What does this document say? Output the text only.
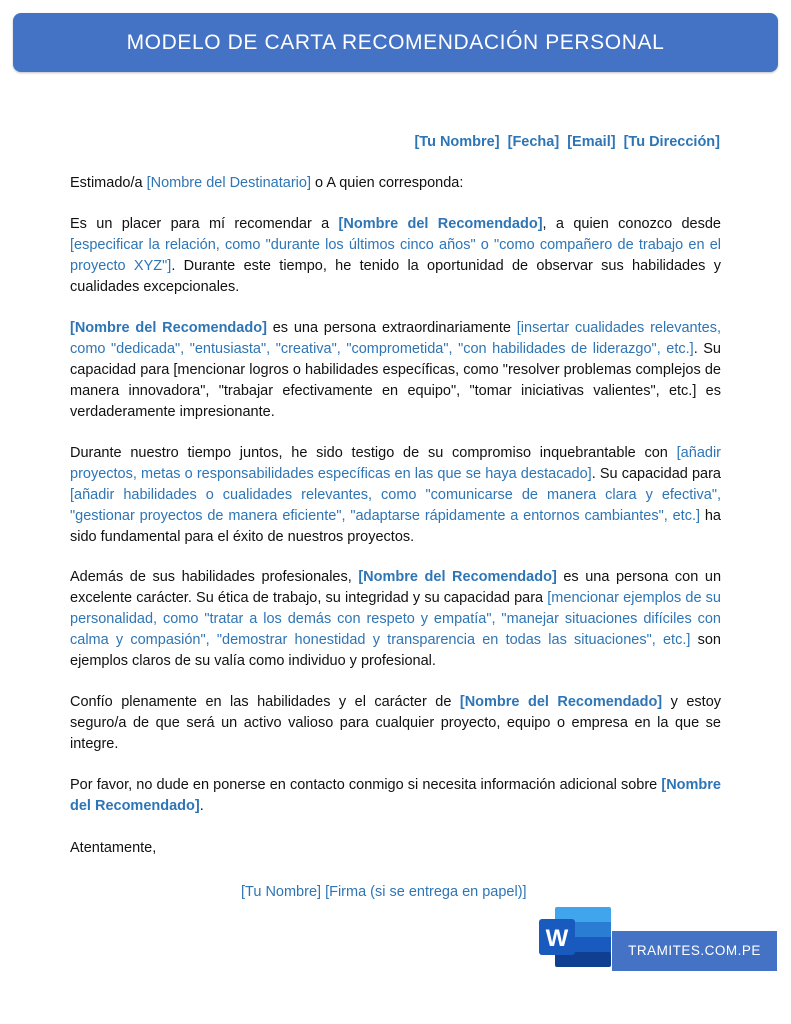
MODELO DE CARTA RECOMENDACIÓN PERSONAL
[Tu Nombre] [Fecha] [Email] [Tu Dirección]

Estimado/a [Nombre del Destinatario] o A quien corresponda:

Es un placer para mí recomendar a [Nombre del Recomendado], a quien conozco desde [especificar la relación, como "durante los últimos cinco años" o "como compañero de trabajo en el proyecto XYZ"]. Durante este tiempo, he tenido la oportunidad de observar sus habilidades y cualidades excepcionales.

[Nombre del Recomendado] es una persona extraordinariamente [insertar cualidades relevantes, como "dedicada", "entusiasta", "creativa", "comprometida", "con habilidades de liderazgo", etc.]. Su capacidad para [mencionar logros o habilidades específicas, como "resolver problemas complejos de manera innovadora", "trabajar efectivamente en equipo", "tomar iniciativas valientes", etc.] es verdaderamente impresionante.

Durante nuestro tiempo juntos, he sido testigo de su compromiso inquebrantable con [añadir proyectos, metas o responsabilidades específicas en las que se haya destacado]. Su capacidad para [añadir habilidades o cualidades relevantes, como "comunicarse de manera clara y efectiva", "gestionar proyectos de manera eficiente", "adaptarse rápidamente a entornos cambiantes", etc.] ha sido fundamental para el éxito de nuestros proyectos.

Además de sus habilidades profesionales, [Nombre del Recomendado] es una persona con un excelente carácter. Su ética de trabajo, su integridad y su capacidad para [mencionar ejemplos de su personalidad, como "tratar a los demás con respeto y empatía", "manejar situaciones difíciles con calma y compasión", "demostrar honestidad y transparencia en todas las situaciones", etc.] son ejemplos claros de su valía como individuo y profesional.

Confío plenamente en las habilidades y el carácter de [Nombre del Recomendado] y estoy seguro/a de que será un activo valioso para cualquier proyecto, equipo o empresa en la que se integre.

Por favor, no dude en ponerse en contacto conmigo si necesita información adicional sobre [Nombre del Recomendado].

Atentamente,

[Tu Nombre] [Firma (si se entrega en papel)]
W	TRAMITES.COM.PE
